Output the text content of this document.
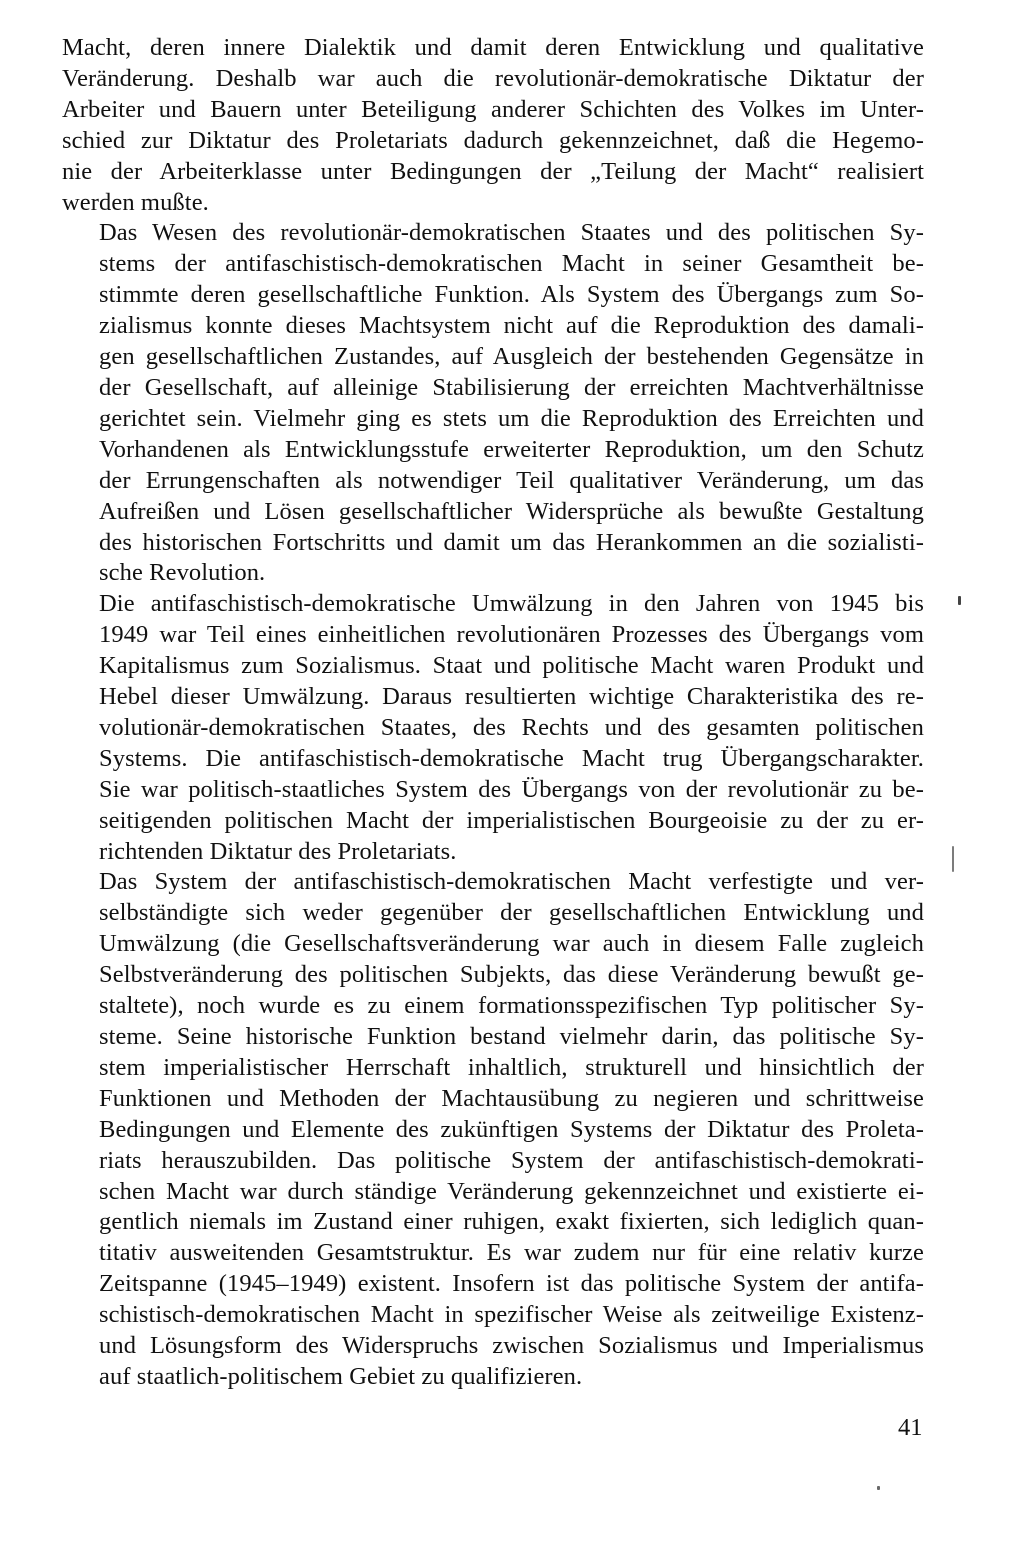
Macht, deren innere Dialektik und damit deren Entwicklung und qualitative
Veränderung. Deshalb war auch die revolutionär-demokratische Diktatur der
Arbeiter und Bauern unter Beteiligung anderer Schichten des Volkes im Unter-
schied zur Diktatur des Proletariats dadurch gekennzeichnet, daß die Hegemo-
nie der Arbeiterklasse unter Bedingungen der „Teilung der Macht“ realisiert
werden mußte.

Das Wesen des revolutionär-demokratischen Staates und des politischen Sy-
stems der antifaschistisch-demokratischen Macht in seiner Gesamtheit be-
stimmte deren gesellschaftliche Funktion. Als System des Übergangs zum So-
zialismus konnte dieses Machtsystem nicht auf die Reproduktion des damali-
gen gesellschaftlichen Zustandes, auf Ausgleich der bestehenden Gegensätze in
der Gesellschaft, auf alleinige Stabilisierung der erreichten Machtverhältnisse
gerichtet sein. Vielmehr ging es stets um die Reproduktion des Erreichten und
Vorhandenen als Entwicklungsstufe erweiterter Reproduktion, um den Schutz
der Errungenschaften als notwendiger Teil qualitativer Veränderung, um das
Aufreißen und Lösen gesellschaftlicher Widersprüche als bewußte Gestaltung
des historischen Fortschritts und damit um das Herankommen an die sozialisti-
sche Revolution.

Die antifaschistisch-demokratische Umwälzung in den Jahren von 1945 bis
1949 war Teil eines einheitlichen revolutionären Prozesses des Übergangs vom
Kapitalismus zum Sozialismus. Staat und politische Macht waren Produkt und
Hebel dieser Umwälzung. Daraus resultierten wichtige Charakteristika des re-
volutionär-demokratischen Staates, des Rechts und des gesamten politischen
Systems. Die antifaschistisch-demokratische Macht trug Übergangscharakter.
Sie war politisch-staatliches System des Übergangs von der revolutionär zu be-
seitigenden politischen Macht der imperialistischen Bourgeoisie zu der zu er-
richtenden Diktatur des Proletariats.

Das System der antifaschistisch-demokratischen Macht verfestigte und ver-
selbständigte sich weder gegenüber der gesellschaftlichen Entwicklung und
Umwälzung (die Gesellschaftsveränderung war auch in diesem Falle zugleich
Selbstveränderung des politischen Subjekts, das diese Veränderung bewußt ge-
staltete), noch wurde es zu einem formationsspezifischen Typ politischer Sy-
steme. Seine historische Funktion bestand vielmehr darin, das politische Sy-
stem imperialistischer Herrschaft inhaltlich, strukturell und hinsichtlich der
Funktionen und Methoden der Machtausübung zu negieren und schrittweise
Bedingungen und Elemente des zukünftigen Systems der Diktatur des Proleta-
riats herauszubilden. Das politische System der antifaschistisch-demokrati-
schen Macht war durch ständige Veränderung gekennzeichnet und existierte ei-
gentlich niemals im Zustand einer ruhigen, exakt fixierten, sich lediglich quan-
titativ ausweitenden Gesamtstruktur. Es war zudem nur für eine relativ kurze
Zeitspanne (1945–1949) existent. Insofern ist das politische System der antifa-
schistisch-demokratischen Macht in spezifischer Weise als zeitweilige Existenz-
und Lösungsform des Widerspruchs zwischen Sozialismus und Imperialismus
auf staatlich-politischem Gebiet zu qualifizieren.

41
